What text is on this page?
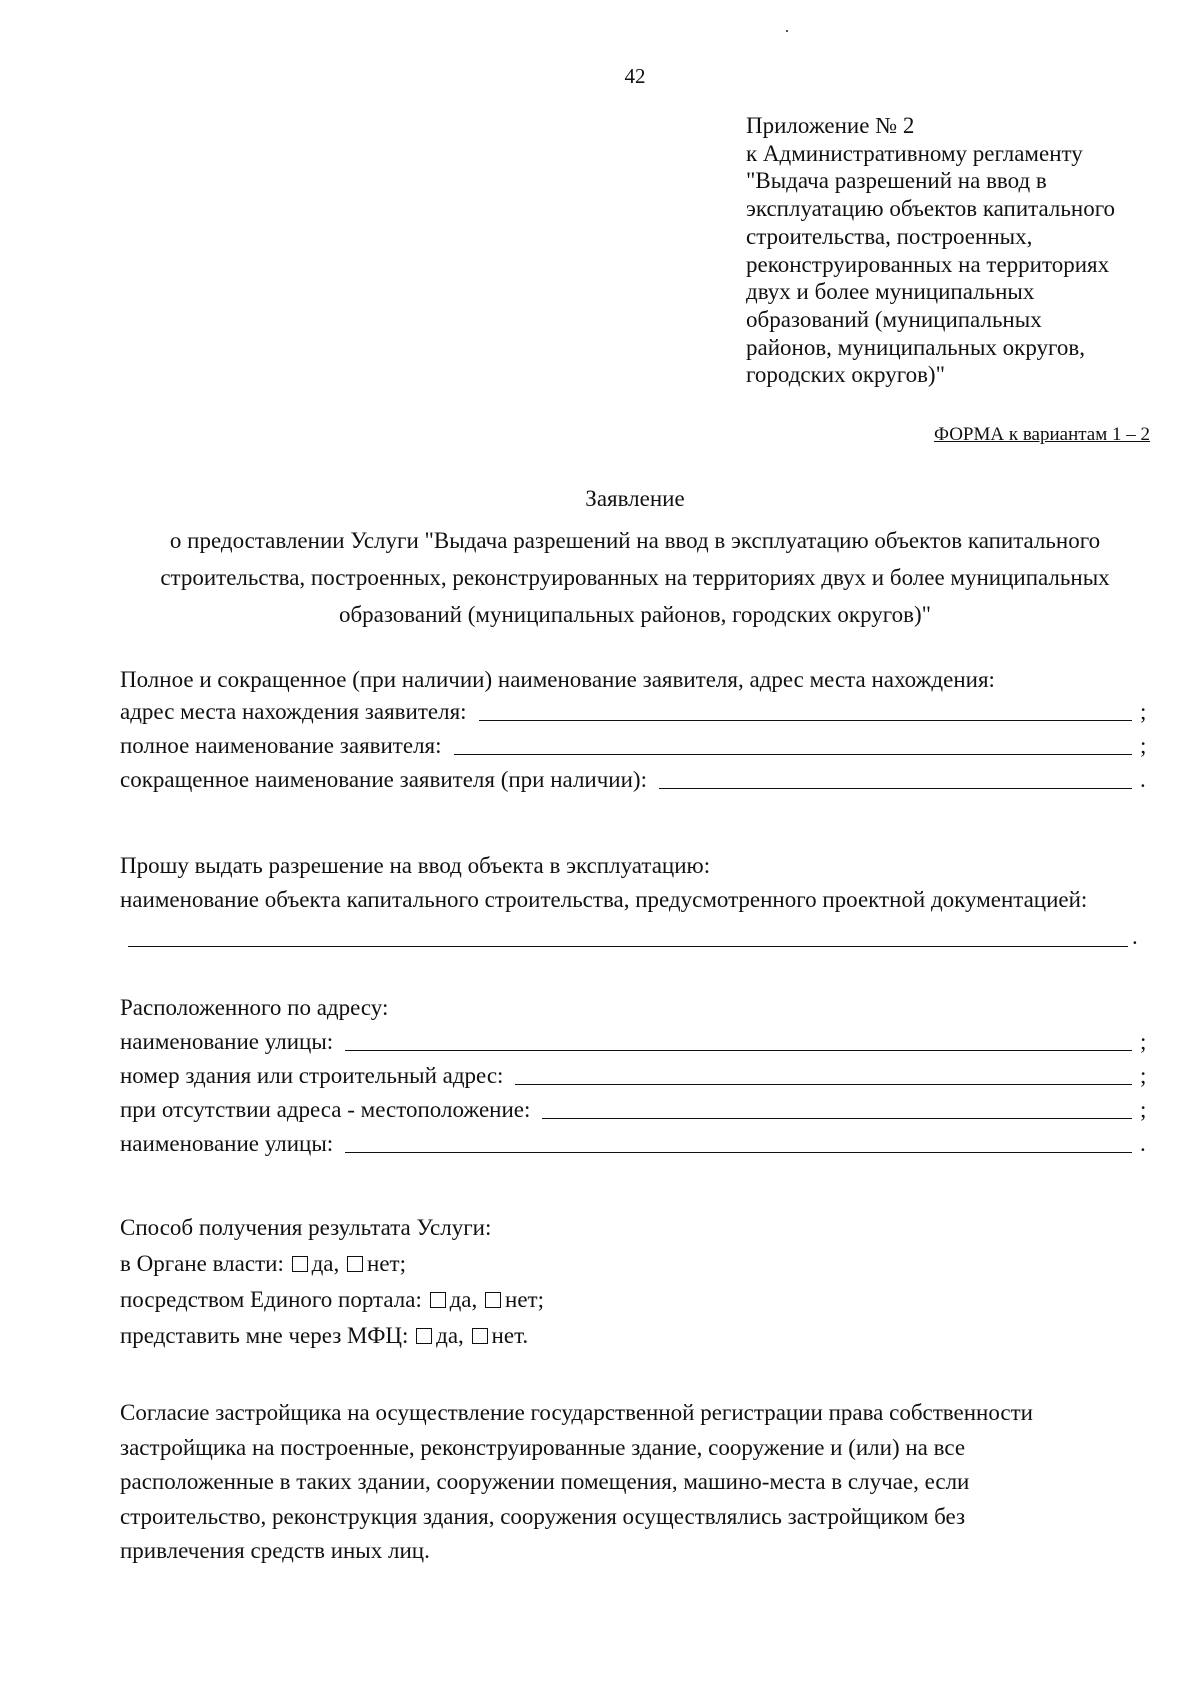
42
Приложение № 2
к Административному регламенту
"Выдача разрешений на ввод в
эксплуатацию объектов капитального
строительства, построенных,
реконструированных на территориях
двух и более муниципальных
образований (муниципальных
районов, муниципальных округов,
городских округов)"
ФОРМА к вариантам 1 – 2
Заявление
о предоставлении Услуги "Выдача разрешений на ввод в эксплуатацию объектов капитального
строительства, построенных, реконструированных на территориях двух и более муниципальных
образований (муниципальных районов, городских округов)"
Полное и сокращенное (при наличии) наименование заявителя, адрес места нахождения:
адрес места нахождения заявителя:	;
полное наименование заявителя:	;
сокращенное наименование заявителя (при наличии):	.
Прошу выдать разрешение на ввод объекта в эксплуатацию:
наименование объекта капитального строительства, предусмотренного проектной документацией:
.
Расположенного по адресу:
наименование улицы:	;
номер здания или строительный адрес:	;
при отсутствии адреса - местоположение:	;
наименование улицы:	.
Способ получения результата Услуги:
в Органе власти: да, нет;
посредством Единого портала: да, нет;
представить мне через МФЦ: да, нет.
Согласие застройщика на осуществление государственной регистрации права собственности
застройщика на построенные, реконструированные здание, сооружение и (или) на все
расположенные в таких здании, сооружении помещения, машино-места в случае, если
строительство, реконструкция здания, сооружения осуществлялись застройщиком без
привлечения средств иных лиц.
